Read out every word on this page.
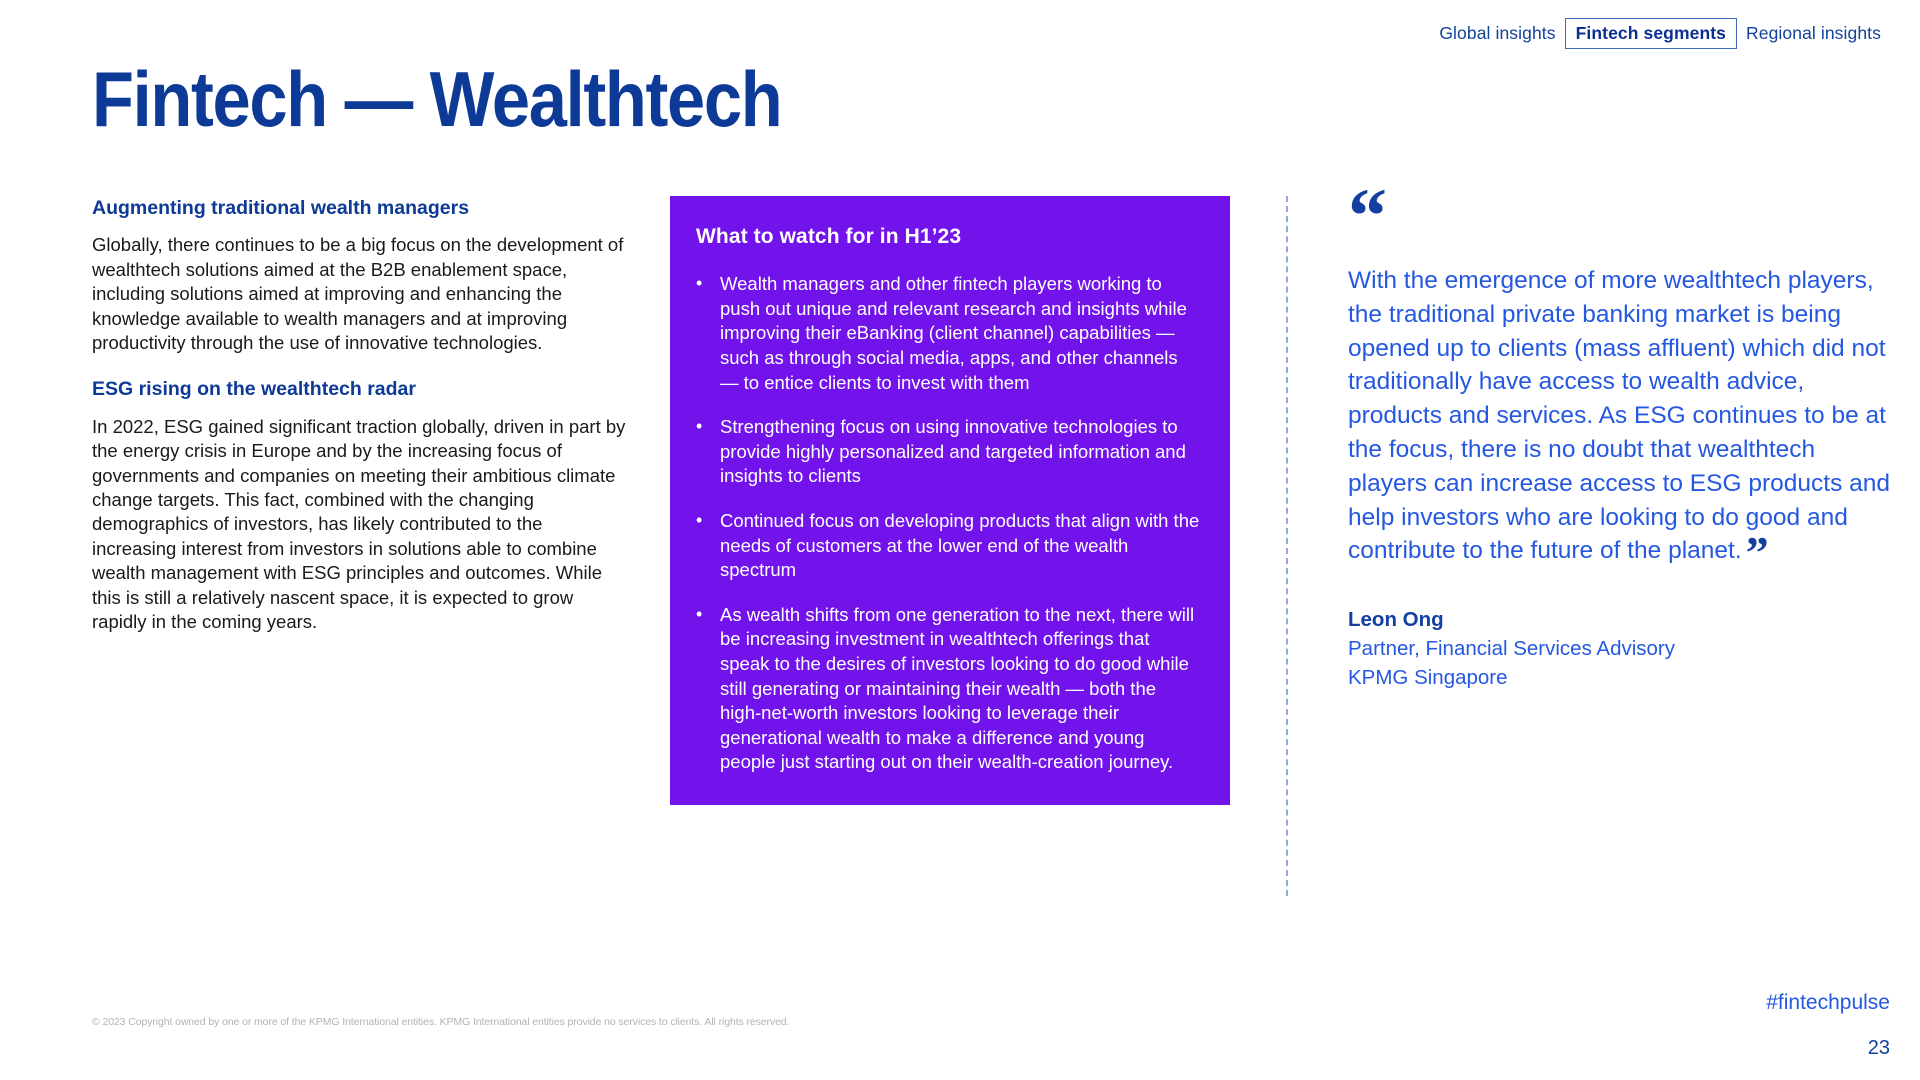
Global insights	Fintech segments	Regional insights
Fintech — Wealthtech
Augmenting traditional wealth managers
Globally, there continues to be a big focus on the development of wealthtech solutions aimed at the B2B enablement space, including solutions aimed at improving and enhancing the knowledge available to wealth managers and at improving productivity through the use of innovative technologies.
ESG rising on the wealthtech radar
In 2022, ESG gained significant traction globally, driven in part by the energy crisis in Europe and by the increasing focus of governments and companies on meeting their ambitious climate change targets. This fact, combined with the changing demographics of investors, has likely contributed to the increasing interest from investors in solutions able to combine wealth management with ESG principles and outcomes. While this is still a relatively nascent space, it is expected to grow rapidly in the coming years.
What to watch for in H1’23
• Wealth managers and other fintech players working to push out unique and relevant research and insights while improving their eBanking (client channel) capabilities — such as through social media, apps, and other channels — to entice clients to invest with them
• Strengthening focus on using innovative technologies to provide highly personalized and targeted information and insights to clients
• Continued focus on developing products that align with the needs of customers at the lower end of the wealth spectrum
• As wealth shifts from one generation to the next, there will be increasing investment in wealthtech offerings that speak to the desires of investors looking to do good while still generating or maintaining their wealth — both the high-net-worth investors looking to leverage their generational wealth to make a difference and young people just starting out on their wealth-creation journey.
“
With the emergence of more wealthtech players, the traditional private banking market is being opened up to clients (mass affluent) which did not traditionally have access to wealth advice, products and services. As ESG continues to be at the focus, there is no doubt that wealthtech players can increase access to ESG products and help investors who are looking to do good and contribute to the future of the planet.”
Leon Ong
Partner, Financial Services Advisory
KPMG Singapore
© 2023 Copyright owned by one or more of the KPMG International entities. KPMG International entities provide no services to clients. All rights reserved.
#fintechpulse
23
